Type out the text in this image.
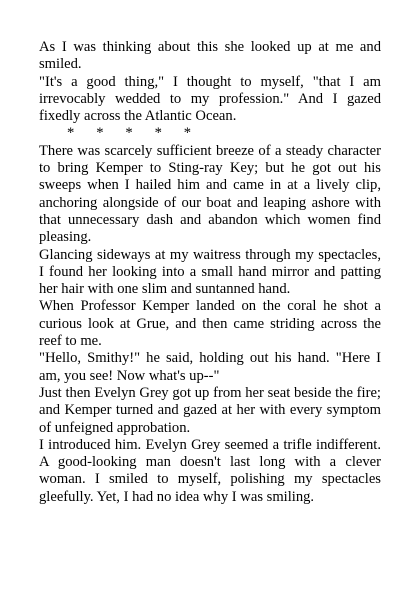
As I was thinking about this she looked up at me and smiled.

"It's a good thing," I thought to myself, "that I am irrevocably wedded to my profession." And I gazed fixedly across the Atlantic Ocean.

*      *      *      *      *

There was scarcely sufficient breeze of a steady character to bring Kemper to Sting-ray Key; but he got out his sweeps when I hailed him and came in at a lively clip, anchoring alongside of our boat and leaping ashore with that unnecessary dash and abandon which women find pleasing.

Glancing sideways at my waitress through my spectacles, I found her looking into a small hand mirror and patting her hair with one slim and suntanned hand.

When Professor Kemper landed on the coral he shot a curious look at Grue, and then came striding across the reef to me.

"Hello, Smithy!" he said, holding out his hand. "Here I am, you see! Now what's up--"

Just then Evelyn Grey got up from her seat beside the fire; and Kemper turned and gazed at her with every symptom of unfeigned approbation.

I introduced him. Evelyn Grey seemed a trifle indifferent. A good-looking man doesn't last long with a clever woman. I smiled to myself, polishing my spectacles gleefully. Yet, I had no idea why I was smiling.
